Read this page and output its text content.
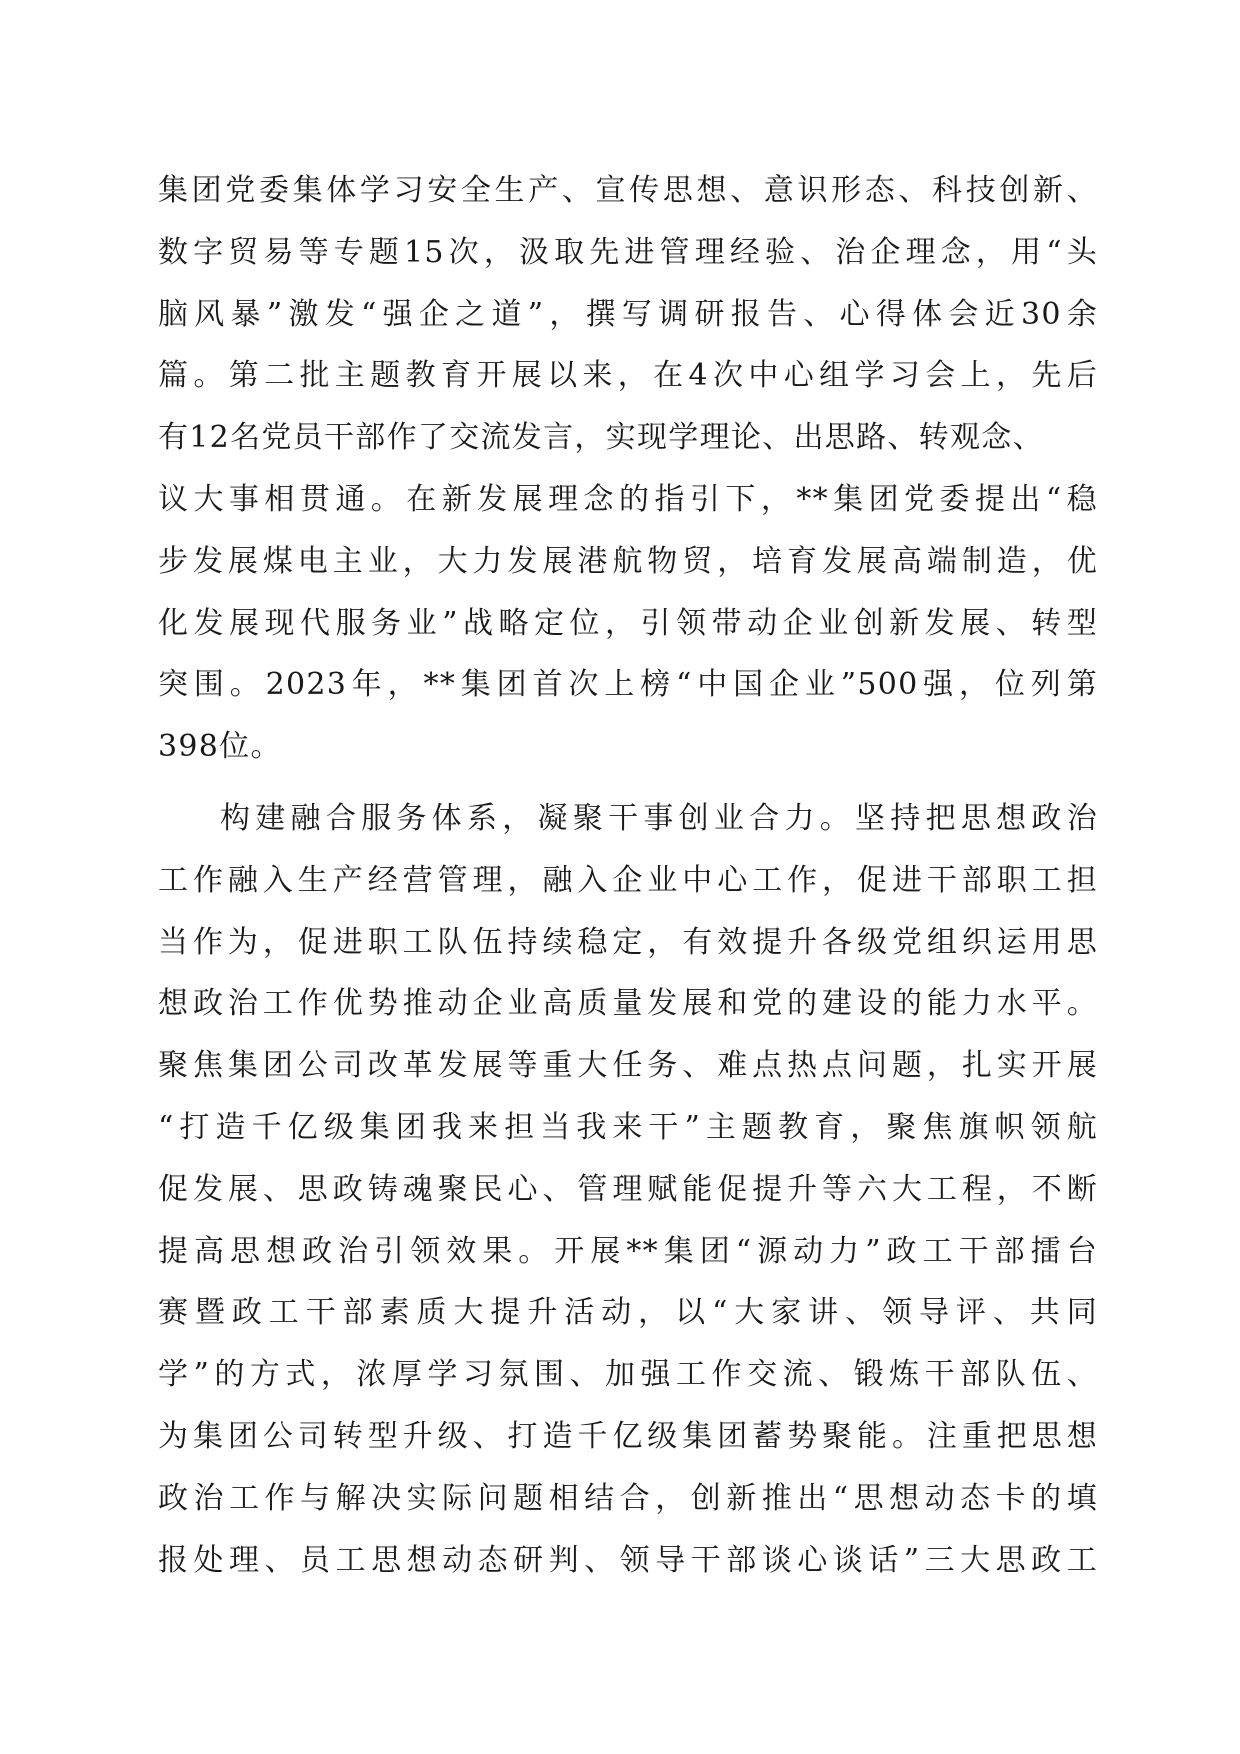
集团党委集体学习安全生产、宣传思想、意识形态、科技创新、
数字贸易等专题15次，汲取先进管理经验、治企理念，用“头
脑风暴”激发“强企之道”，撰写调研报告、心得体会近30余
篇。第二批主题教育开展以来，在4次中心组学习会上，先后
有12名党员干部作了交流发言，实现学理论、出思路、转观念、
议大事相贯通。在新发展理念的指引下，**集团党委提出“稳
步发展煤电主业，大力发展港航物贸，培育发展高端制造，优
化发展现代服务业”战略定位，引领带动企业创新发展、转型
突围。2023年，**集团首次上榜“中国企业”500强，位列第
398位。
构建融合服务体系，凝聚干事创业合力。坚持把思想政治
工作融入生产经营管理，融入企业中心工作，促进干部职工担
当作为，促进职工队伍持续稳定，有效提升各级党组织运用思
想政治工作优势推动企业高质量发展和党的建设的能力水平。
聚焦集团公司改革发展等重大任务、难点热点问题，扎实开展
“打造千亿级集团我来担当我来干”主题教育，聚焦旗帜领航
促发展、思政铸魂聚民心、管理赋能促提升等六大工程，不断
提高思想政治引领效果。开展**集团“源动力”政工干部擂台
赛暨政工干部素质大提升活动，以“大家讲、领导评、共同
学”的方式，浓厚学习氛围、加强工作交流、锻炼干部队伍、
为集团公司转型升级、打造千亿级集团蓄势聚能。注重把思想
政治工作与解决实际问题相结合，创新推出“思想动态卡的填
报处理、员工思想动态研判、领导干部谈心谈话”三大思政工
